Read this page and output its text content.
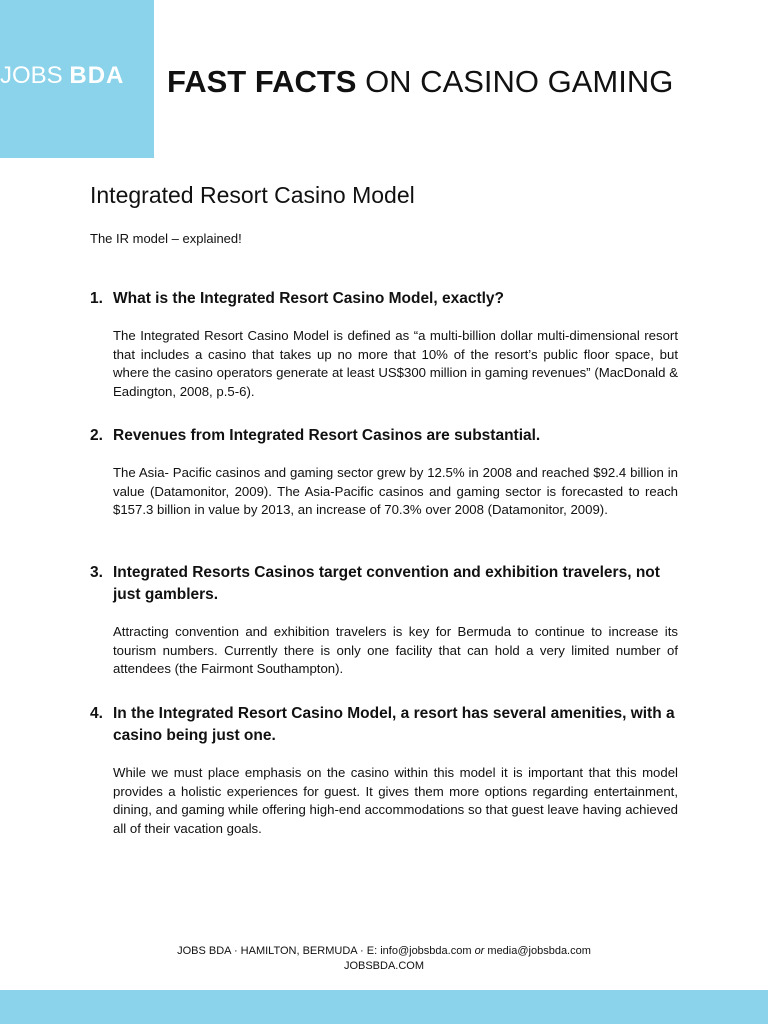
JOBS BDA	FAST FACTS ON CASINO GAMING
Integrated Resort Casino Model
The IR model – explained!
1. What is the Integrated Resort Casino Model, exactly?
The Integrated Resort Casino Model is defined as “a multi-billion dollar multi-dimensional resort that includes a casino that takes up no more that 10% of the resort’s public floor space, but where the casino operators generate at least US$300 million in gaming revenues” (MacDonald & Eadington, 2008, p.5-6).
2. Revenues from Integrated Resort Casinos are substantial.
The Asia- Pacific casinos and gaming sector grew by 12.5% in 2008 and reached $92.4 billion in value (Datamonitor, 2009). The Asia-Pacific casinos and gaming sector is forecasted to reach $157.3 billion in value by 2013, an increase of 70.3% over 2008 (Datamonitor, 2009).
3. Integrated Resorts Casinos target convention and exhibition travelers, not just gamblers.
Attracting convention and exhibition travelers is key for Bermuda to continue to increase its tourism numbers. Currently there is only one facility that can hold a very limited number of attendees (the Fairmont Southampton).
4. In the Integrated Resort Casino Model, a resort has several amenities, with a casino being just one.
While we must place emphasis on the casino within this model it is important that this model provides a holistic experiences for guest. It gives them more options regarding entertainment, dining, and gaming while offering high-end accommodations so that guest leave having achieved all of their vacation goals.
JOBS BDA · HAMILTON, BERMUDA · E: info@jobsbda.com or media@jobsbda.com
JOBSBDA.COM
